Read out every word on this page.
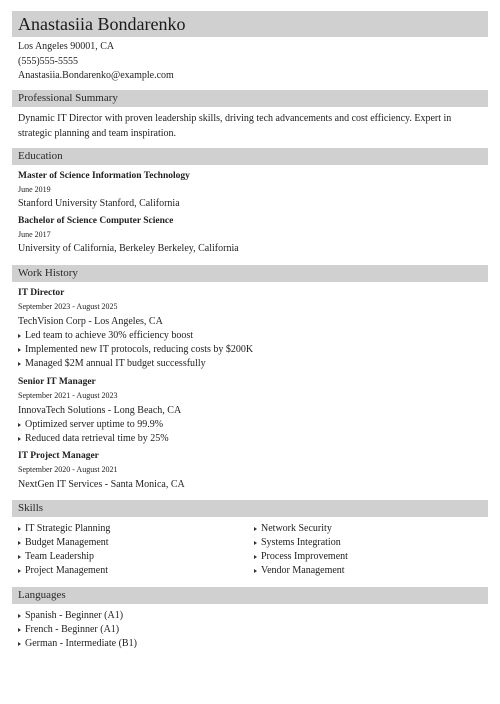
Anastasiia Bondarenko
Los Angeles 90001, CA
(555)555-5555
Anastasiia.Bondarenko@example.com
Professional Summary
Dynamic IT Director with proven leadership skills, driving tech advancements and cost efficiency. Expert in strategic planning and team inspiration.
Education
Master of Science Information Technology
June 2019
Stanford University Stanford, California
Bachelor of Science Computer Science
June 2017
University of California, Berkeley Berkeley, California
Work History
IT Director
September 2023 - August 2025
TechVision Corp - Los Angeles, CA
Led team to achieve 30% efficiency boost
Implemented new IT protocols, reducing costs by $200K
Managed $2M annual IT budget successfully
Senior IT Manager
September 2021 - August 2023
InnovaTech Solutions - Long Beach, CA
Optimized server uptime to 99.9%
Reduced data retrieval time by 25%
IT Project Manager
September 2020 - August 2021
NextGen IT Services - Santa Monica, CA
Skills
IT Strategic Planning
Budget Management
Team Leadership
Project Management
Network Security
Systems Integration
Process Improvement
Vendor Management
Languages
Spanish - Beginner (A1)
French - Beginner (A1)
German - Intermediate (B1)
